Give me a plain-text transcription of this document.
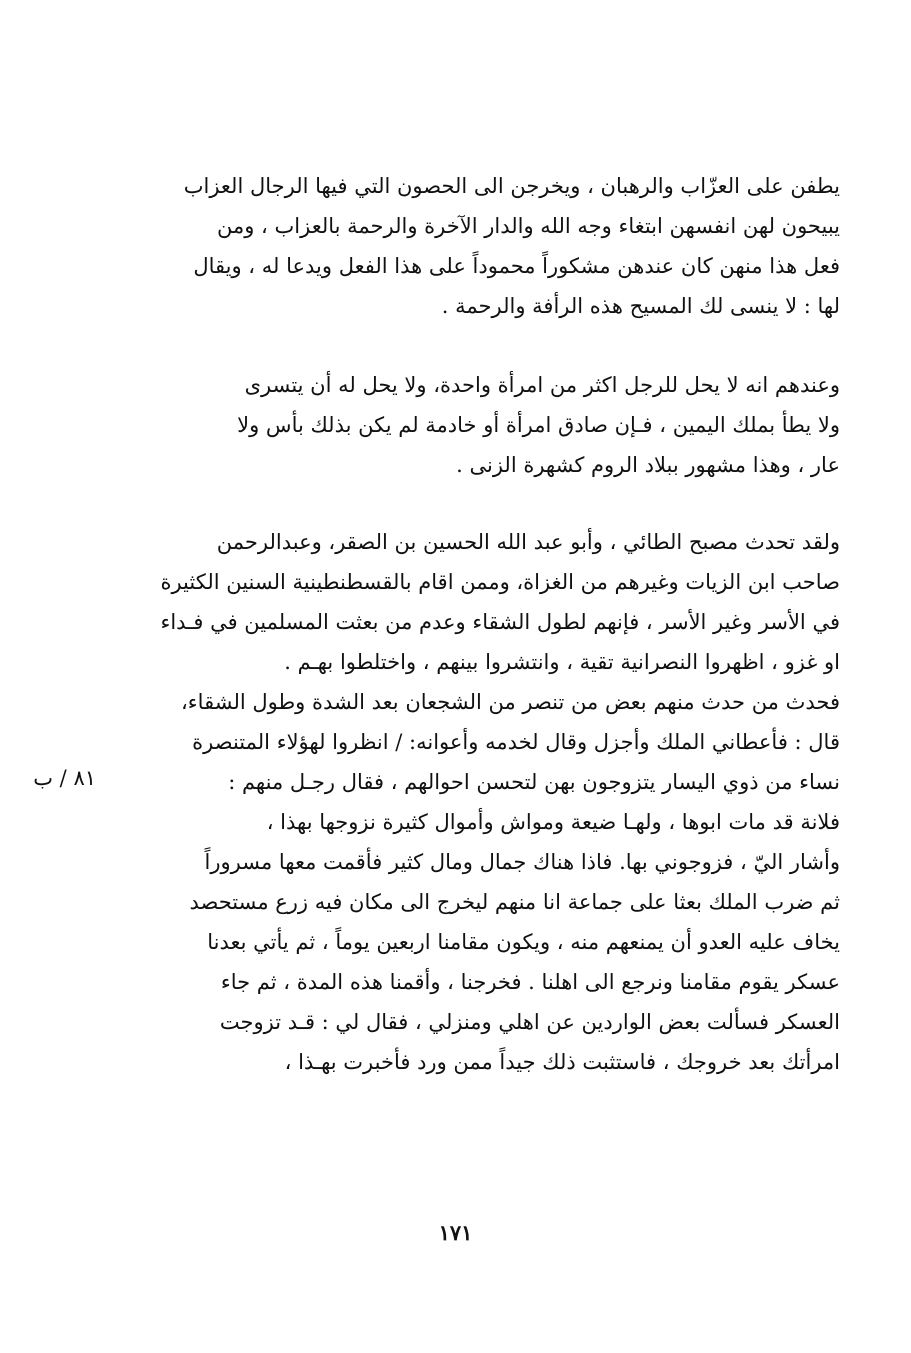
يطفن على العزّاب والرهبان ، ويخرجن الى الحصون التي فيها الرجال العزاب
يبيحون لهن انفسهن ابتغاء وجه الله والدار الآخرة والرحمة بالعزاب ، ومن
فعل هذا منهن كان عندهن مشكوراً محموداً على هذا الفعل ويدعا له ، ويقال
لها : لا ينسى لك المسيح هذه الرأفة والرحمة .
وعندهم انه لا يحل للرجل اكثر من امرأة واحدة، ولا يحل له أن يتسرى
ولا يطأ بملك اليمين ، فـإن صادق امرأة أو خادمة لم يكن بذلك بأس ولا
عار ، وهذا مشهور ببلاد الروم كشهرة الزنى .
ولقد تحدث مصبح الطائي ، وأبو عبد الله الحسين بن الصقر، وعبدالرحمن
صاحب ابن الزيات وغيرهم من الغزاة، وممن اقام بالقسطنطينية السنين الكثيرة
في الأسر وغير الأسر ، فإنهم لطول الشقاء وعدم من بعثت المسلمين في فـداء
او غزو ، اظهروا النصرانية تقية ، وانتشروا بينهم ، واختلطوا بهـم .
فحدث من حدث منهم بعض من تنصر من الشجعان بعد الشدة وطول الشقاء،
قال : فأعطاني الملك وأجزل وقال لخدمه وأعوانه: / انظروا لهؤلاء المتنصرة
نساء من ذوي اليسار يتزوجون بهن لتحسن احوالهم ، فقال رجـل منهم :
فلانة قد مات ابوها ، ولهـا ضيعة ومواش وأموال كثيرة نزوجها بهذا ،
وأشار اليّ ، فزوجوني بها. فاذا هناك جمال ومال كثير فأقمت معها مسروراً
ثم ضرب الملك بعثا على جماعة انا منهم ليخرج الى مكان فيه زرع مستحصد
يخاف عليه العدو أن يمنعهم منه ، ويكون مقامنا اربعين يوماً ، ثم يأتي بعدنا
عسكر يقوم مقامنا ونرجع الى اهلنا . فخرجنا ، وأقمنا هذه المدة ، ثم جاء
العسكر فسألت بعض الواردين عن اهلي ومنزلي ، فقال لي : قـد تزوجت
امرأتك بعد خروجك ، فاستثبت ذلك جيداً ممن ورد فأخبرت بهـذا ،
٨١ / ب
١٧١
